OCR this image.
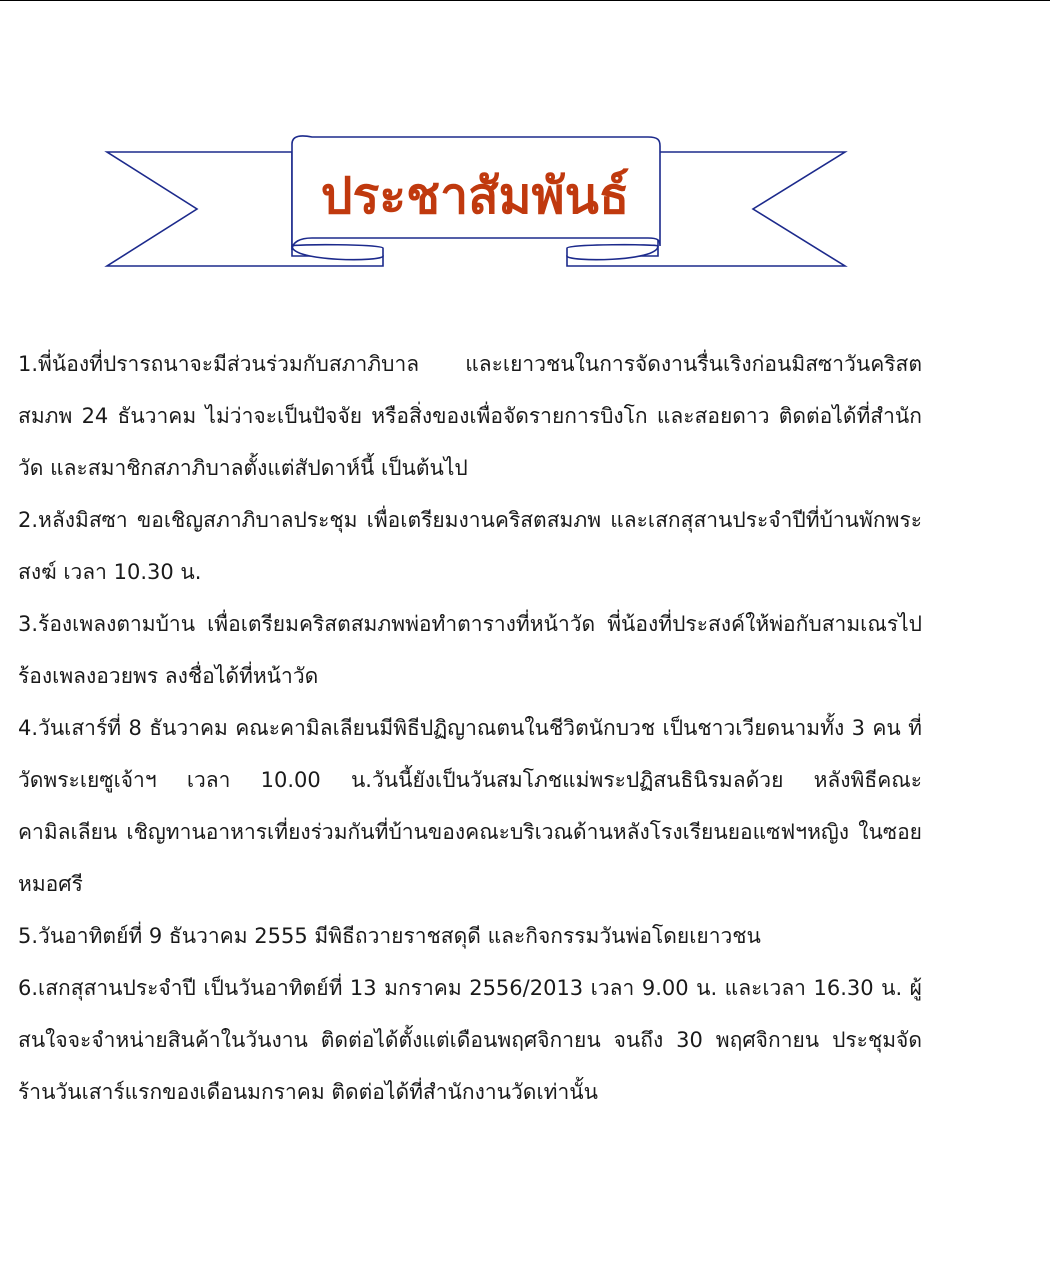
ประชาสัมพันธ์

1.พี่น้องที่ปรารถนาจะมีส่วนร่วมกับสภาภิบาล และเยาวชนในการจัดงานรื่นเริงก่อนมิสซาวันคริสตสมภพ 24 ธันวาคม ไม่ว่าจะเป็นปัจจัย หรือสิ่งของเพื่อจัดรายการบิงโก และสอยดาว ติดต่อได้ที่สำนักวัด และสมาชิกสภาภิบาลตั้งแต่สัปดาห์นี้ เป็นต้นไป

2.หลังมิสซา ขอเชิญสภาภิบาลประชุม เพื่อเตรียมงานคริสตสมภพ และเสกสุสานประจำปีที่บ้านพักพระสงฆ์ เวลา 10.30 น.

3.ร้องเพลงตามบ้าน เพื่อเตรียมคริสตสมภพพ่อทำตารางที่หน้าวัด พี่น้องที่ประสงค์ให้พ่อกับสามเณรไปร้องเพลงอวยพร ลงชื่อได้ที่หน้าวัด

4.วันเสาร์ที่ 8 ธันวาคม คณะคามิลเลียนมีพิธีปฏิญาณตนในชีวิตนักบวช เป็นชาวเวียดนามทั้ง 3 คน ที่วัดพระเยซูเจ้าฯ เวลา 10.00 น.วันนี้ยังเป็นวันสมโภชแม่พระปฏิสนธินิรมลด้วย หลังพิธีคณะคามิลเลียน เชิญทานอาหารเที่ยงร่วมกันที่บ้านของคณะบริเวณด้านหลังโรงเรียนยอแซฟฯหญิง ในซอยหมอศรี

5.วันอาทิตย์ที่ 9 ธันวาคม 2555 มีพิธีถวายราชสดุดี และกิจกรรมวันพ่อโดยเยาวชน

6.เสกสุสานประจำปี เป็นวันอาทิตย์ที่ 13 มกราคม 2556/2013 เวลา 9.00 น. และเวลา 16.30 น. ผู้สนใจจะจำหน่ายสินค้าในวันงาน ติดต่อได้ตั้งแต่เดือนพฤศจิกายน จนถึง 30 พฤศจิกายน ประชุมจัดร้านวันเสาร์แรกของเดือนมกราคม ติดต่อได้ที่สำนักงานวัดเท่านั้น
